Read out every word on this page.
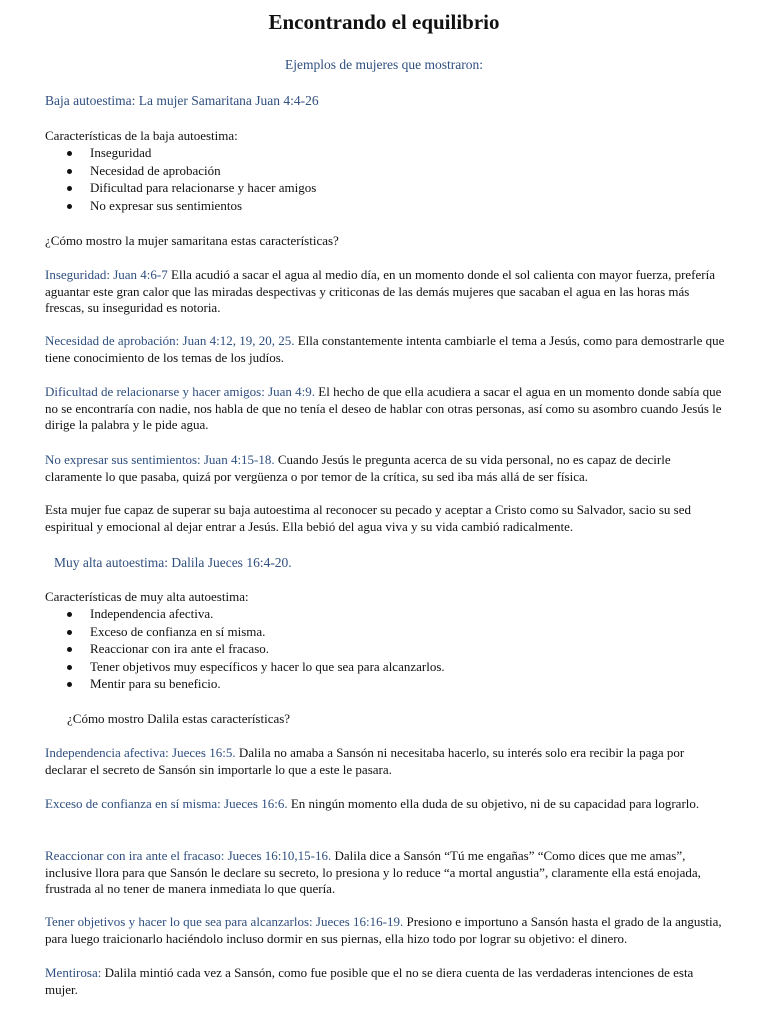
Encontrando el equilibrio
Ejemplos de mujeres que mostraron:
Baja autoestima: La mujer Samaritana Juan 4:4-26
Características de la baja autoestima:
Inseguridad
Necesidad de aprobación
Dificultad para relacionarse y hacer amigos
No expresar sus sentimientos
¿Cómo mostro la mujer samaritana estas características?
Inseguridad: Juan 4:6-7 Ella acudió a sacar el agua al medio día, en un momento donde el sol calienta con mayor fuerza, prefería aguantar este gran calor que las miradas despectivas y criticonas de las demás mujeres que sacaban el agua en las horas más frescas, su inseguridad es notoria.
Necesidad de aprobación: Juan 4:12, 19, 20, 25. Ella constantemente intenta cambiarle el tema a Jesús, como para demostrarle que tiene conocimiento de los temas de los judíos.
Dificultad de relacionarse y hacer amigos: Juan 4:9. El hecho de que ella acudiera a sacar el agua en un momento donde sabía que no se encontraría con nadie, nos habla de que no tenía el deseo de hablar con otras personas, así como su asombro cuando Jesús le dirige la palabra y le pide agua.
No expresar sus sentimientos: Juan 4:15-18. Cuando Jesús le pregunta acerca de su vida personal, no es capaz de decirle claramente lo que pasaba, quizá por vergüenza o por temor de la crítica, su sed iba más allá de ser física.
Esta mujer fue capaz de superar su baja autoestima al reconocer su pecado y aceptar a Cristo como su Salvador, sacio su sed espiritual y emocional al dejar entrar a Jesús. Ella bebió del agua viva y su vida cambió radicalmente.
Muy alta autoestima: Dalila Jueces 16:4-20.
Características de muy alta autoestima:
Independencia afectiva.
Exceso de confianza en sí misma.
Reaccionar con ira ante el fracaso.
Tener objetivos muy específicos y hacer lo que sea para alcanzarlos.
Mentir para su beneficio.
¿Cómo mostro Dalila estas características?
Independencia afectiva: Jueces 16:5. Dalila no amaba a Sansón ni necesitaba hacerlo, su interés solo era recibir la paga por declarar el secreto de Sansón sin importarle lo que a este le pasara.
Exceso de confianza en sí misma: Jueces 16:6. En ningún momento ella duda de su objetivo, ni de su capacidad para lograrlo.
Reaccionar con ira ante el fracaso: Jueces 16:10,15-16. Dalila dice a Sansón “Tú me engañas” “Como dices que me amas”, inclusive llora para que Sansón le declare su secreto, lo presiona y lo reduce “a mortal angustia”, claramente ella está enojada, frustrada al no tener de manera inmediata lo que quería.
Tener objetivos y hacer lo que sea para alcanzarlos: Jueces 16:16-19. Presiono e importuno a Sansón hasta el grado de la angustia, para luego traicionarlo haciéndolo incluso dormir en sus piernas, ella hizo todo por lograr su objetivo: el dinero.
Mentirosa: Dalila mintió cada vez a Sansón, como fue posible que el no se diera cuenta de las verdaderas intenciones de esta mujer.
